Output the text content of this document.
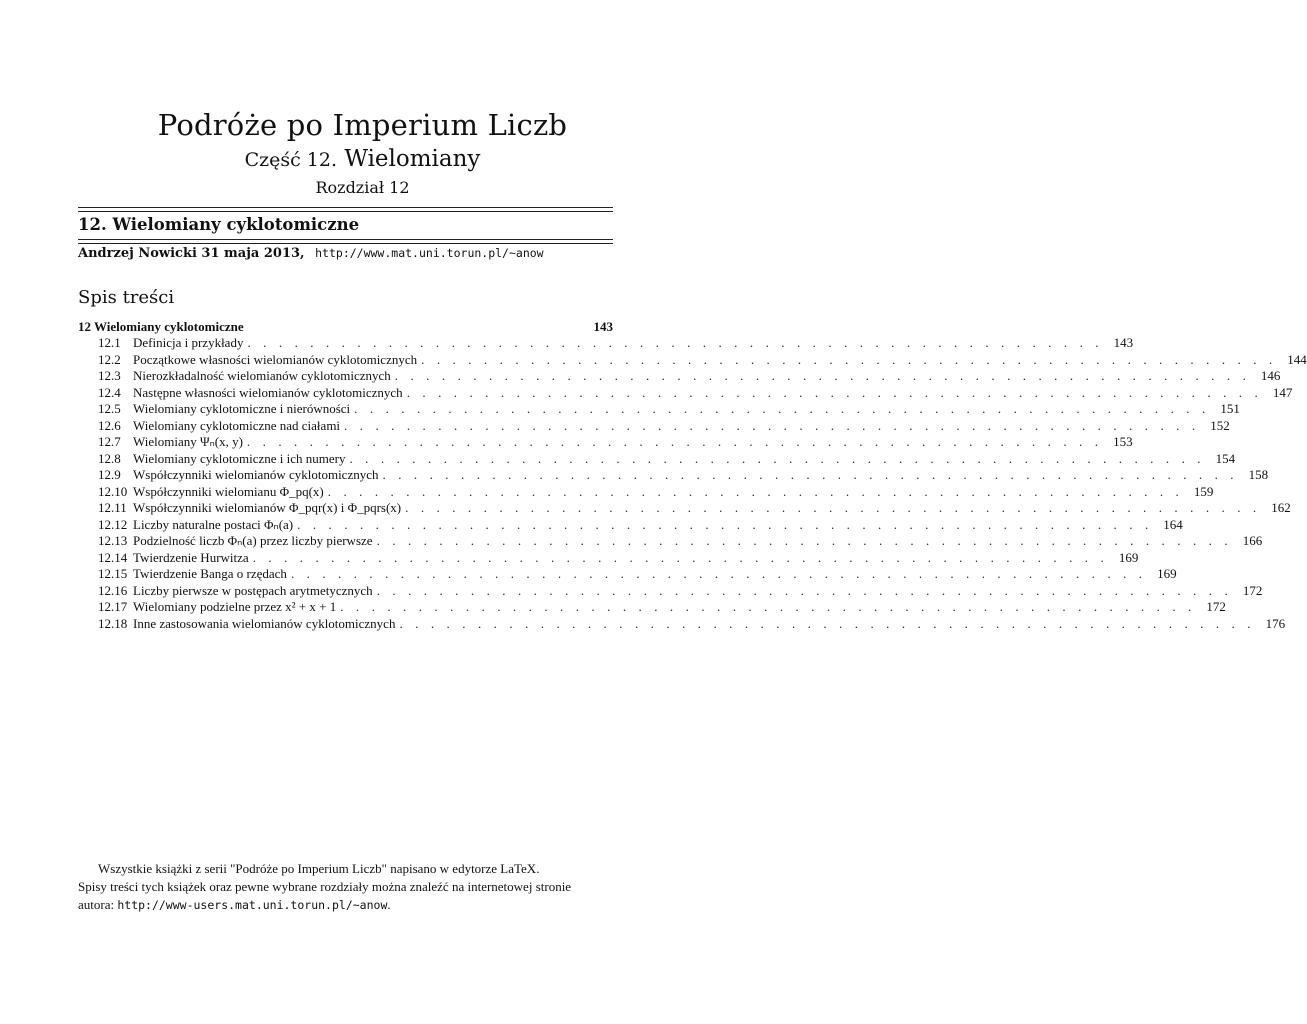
Podróże po Imperium Liczb
Część 12. Wielomiany
Rozdział 12
12. Wielomiany cyklotomiczne
Andrzej Nowicki 31 maja 2013, http://www.mat.uni.torun.pl/~anow
Spis treści
12 Wielomiany cyklotomiczne	143
12.1 Definicja i przykłady . . . . . . . . . . . . . . . . . . . . . . . . . . . . . . . . . . . . . . . . . . . . . . . . . . . . . . . 143
12.2 Początkowe własności wielomianów cyklotomicznych . . . . . . . . . . . . . . . . . . . . . . . . . . . . . . . . . . . . . . . . . . . . . . . . . . . . . . . 144
12.3 Nierozkładalność wielomianów cyklotomicznych . . . . . . . . . . . . . . . . . . . . . . . . . . . . . . . . . . . . . . . . . . . . . . . . . . . . . . . 146
12.4 Następne własności wielomianów cyklotomicznych . . . . . . . . . . . . . . . . . . . . . . . . . . . . . . . . . . . . . . . . . . . . . . . . . . . . . . . 147
12.5 Wielomiany cyklotomiczne i nierówności . . . . . . . . . . . . . . . . . . . . . . . . . . . . . . . . . . . . . . . . . . . . . . . . . . . . . . . 151
12.6 Wielomiany cyklotomiczne nad ciałami . . . . . . . . . . . . . . . . . . . . . . . . . . . . . . . . . . . . . . . . . . . . . . . . . . . . . . . 152
12.7 Wielomiany Ψₙ(x, y) . . . . . . . . . . . . . . . . . . . . . . . . . . . . . . . . . . . . . . . . . . . . . . . . . . . . . . . 153
12.8 Wielomiany cyklotomiczne i ich numery . . . . . . . . . . . . . . . . . . . . . . . . . . . . . . . . . . . . . . . . . . . . . . . . . . . . . . . 154
12.9 Współczynniki wielomianów cyklotomicznych . . . . . . . . . . . . . . . . . . . . . . . . . . . . . . . . . . . . . . . . . . . . . . . . . . . . . . . 158
12.10 Współczynniki wielomianu Φ_pq(x) . . . . . . . . . . . . . . . . . . . . . . . . . . . . . . . . . . . . . . . . . . . . . . . . . . . . . . . 159
12.11 Współczynniki wielomianów Φ_pqr(x) i Φ_pqrs(x) . . . . . . . . . . . . . . . . . . . . . . . . . . . . . . . . . . . . . . . . . . . . . . . . . . . . . . . 162
12.12 Liczby naturalne postaci Φₙ(a) . . . . . . . . . . . . . . . . . . . . . . . . . . . . . . . . . . . . . . . . . . . . . . . . . . . . . . . 164
12.13 Podzielność liczb Φₙ(a) przez liczby pierwsze . . . . . . . . . . . . . . . . . . . . . . . . . . . . . . . . . . . . . . . . . . . . . . . . . . . . . . . 166
12.14 Twierdzenie Hurwitza . . . . . . . . . . . . . . . . . . . . . . . . . . . . . . . . . . . . . . . . . . . . . . . . . . . . . . . 169
12.15 Twierdzenie Banga o rzędach . . . . . . . . . . . . . . . . . . . . . . . . . . . . . . . . . . . . . . . . . . . . . . . . . . . . . . . 169
12.16 Liczby pierwsze w postępach arytmetycznych . . . . . . . . . . . . . . . . . . . . . . . . . . . . . . . . . . . . . . . . . . . . . . . . . . . . . . . 172
12.17 Wielomiany podzielne przez x² + x + 1 . . . . . . . . . . . . . . . . . . . . . . . . . . . . . . . . . . . . . . . . . . . . . . . . . . . . . . . 172
12.18 Inne zastosowania wielomianów cyklotomicznych . . . . . . . . . . . . . . . . . . . . . . . . . . . . . . . . . . . . . . . . . . . . . . . . . . . . . . . 176
Wszystkie książki z serii "Podróże po Imperium Liczb" napisano w edytorze LaTeX.
Spisy treści tych książek oraz pewne wybrane rozdziały można znaleźć na internetowej stronie
autora: http://www-users.mat.uni.torun.pl/~anow.
